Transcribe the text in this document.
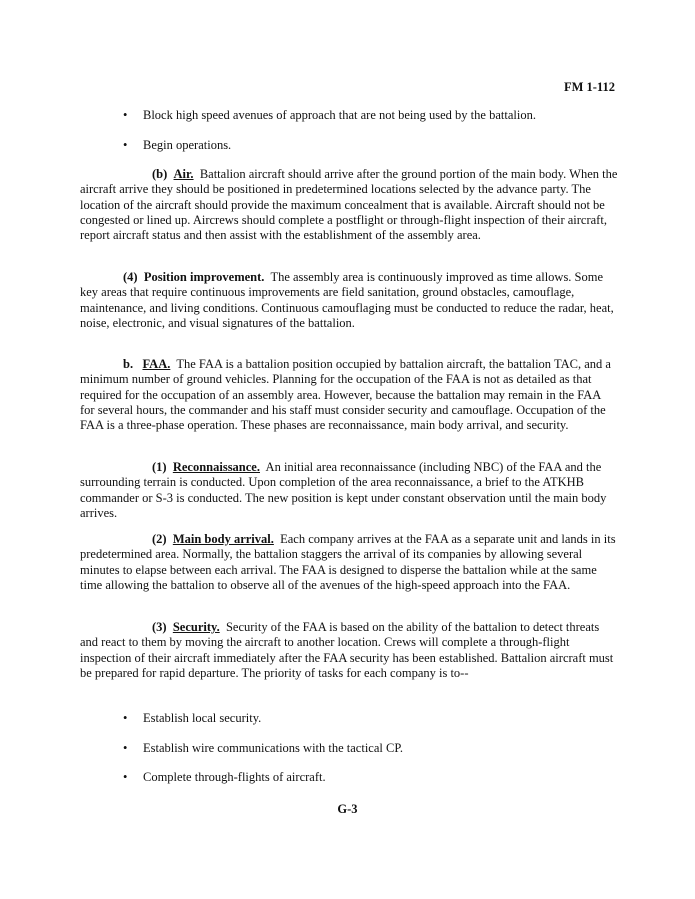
FM 1-112
• Block high speed avenues of approach that are not being used by the battalion.
• Begin operations.
(b) Air. Battalion aircraft should arrive after the ground portion of the main body. When the aircraft arrive they should be positioned in predetermined locations selected by the advance party. The location of the aircraft should provide the maximum concealment that is available. Aircraft should not be congested or lined up. Aircrews should complete a postflight or through-flight inspection of their aircraft, report aircraft status and then assist with the establishment of the assembly area.
(4) Position improvement. The assembly area is continuously improved as time allows. Some key areas that require continuous improvements are field sanitation, ground obstacles, camouflage, maintenance, and living conditions. Continuous camouflaging must be conducted to reduce the radar, heat, noise, electronic, and visual signatures of the battalion.
b. FAA. The FAA is a battalion position occupied by battalion aircraft, the battalion TAC, and a minimum number of ground vehicles. Planning for the occupation of the FAA is not as detailed as that required for the occupation of an assembly area. However, because the battalion may remain in the FAA for several hours, the commander and his staff must consider security and camouflage. Occupation of the FAA is a three-phase operation. These phases are reconnaissance, main body arrival, and security.
(1) Reconnaissance. An initial area reconnaissance (including NBC) of the FAA and the surrounding terrain is conducted. Upon completion of the area reconnaissance, a brief to the ATKHB commander or S-3 is conducted. The new position is kept under constant observation until the main body arrives.
(2) Main body arrival. Each company arrives at the FAA as a separate unit and lands in its predetermined area. Normally, the battalion staggers the arrival of its companies by allowing several minutes to elapse between each arrival. The FAA is designed to disperse the battalion while at the same time allowing the battalion to observe all of the avenues of the high-speed approach into the FAA.
(3) Security. Security of the FAA is based on the ability of the battalion to detect threats and react to them by moving the aircraft to another location. Crews will complete a through-flight inspection of their aircraft immediately after the FAA security has been established. Battalion aircraft must be prepared for rapid departure. The priority of tasks for each company is to--
• Establish local security.
• Establish wire communications with the tactical CP.
• Complete through-flights of aircraft.
G-3
